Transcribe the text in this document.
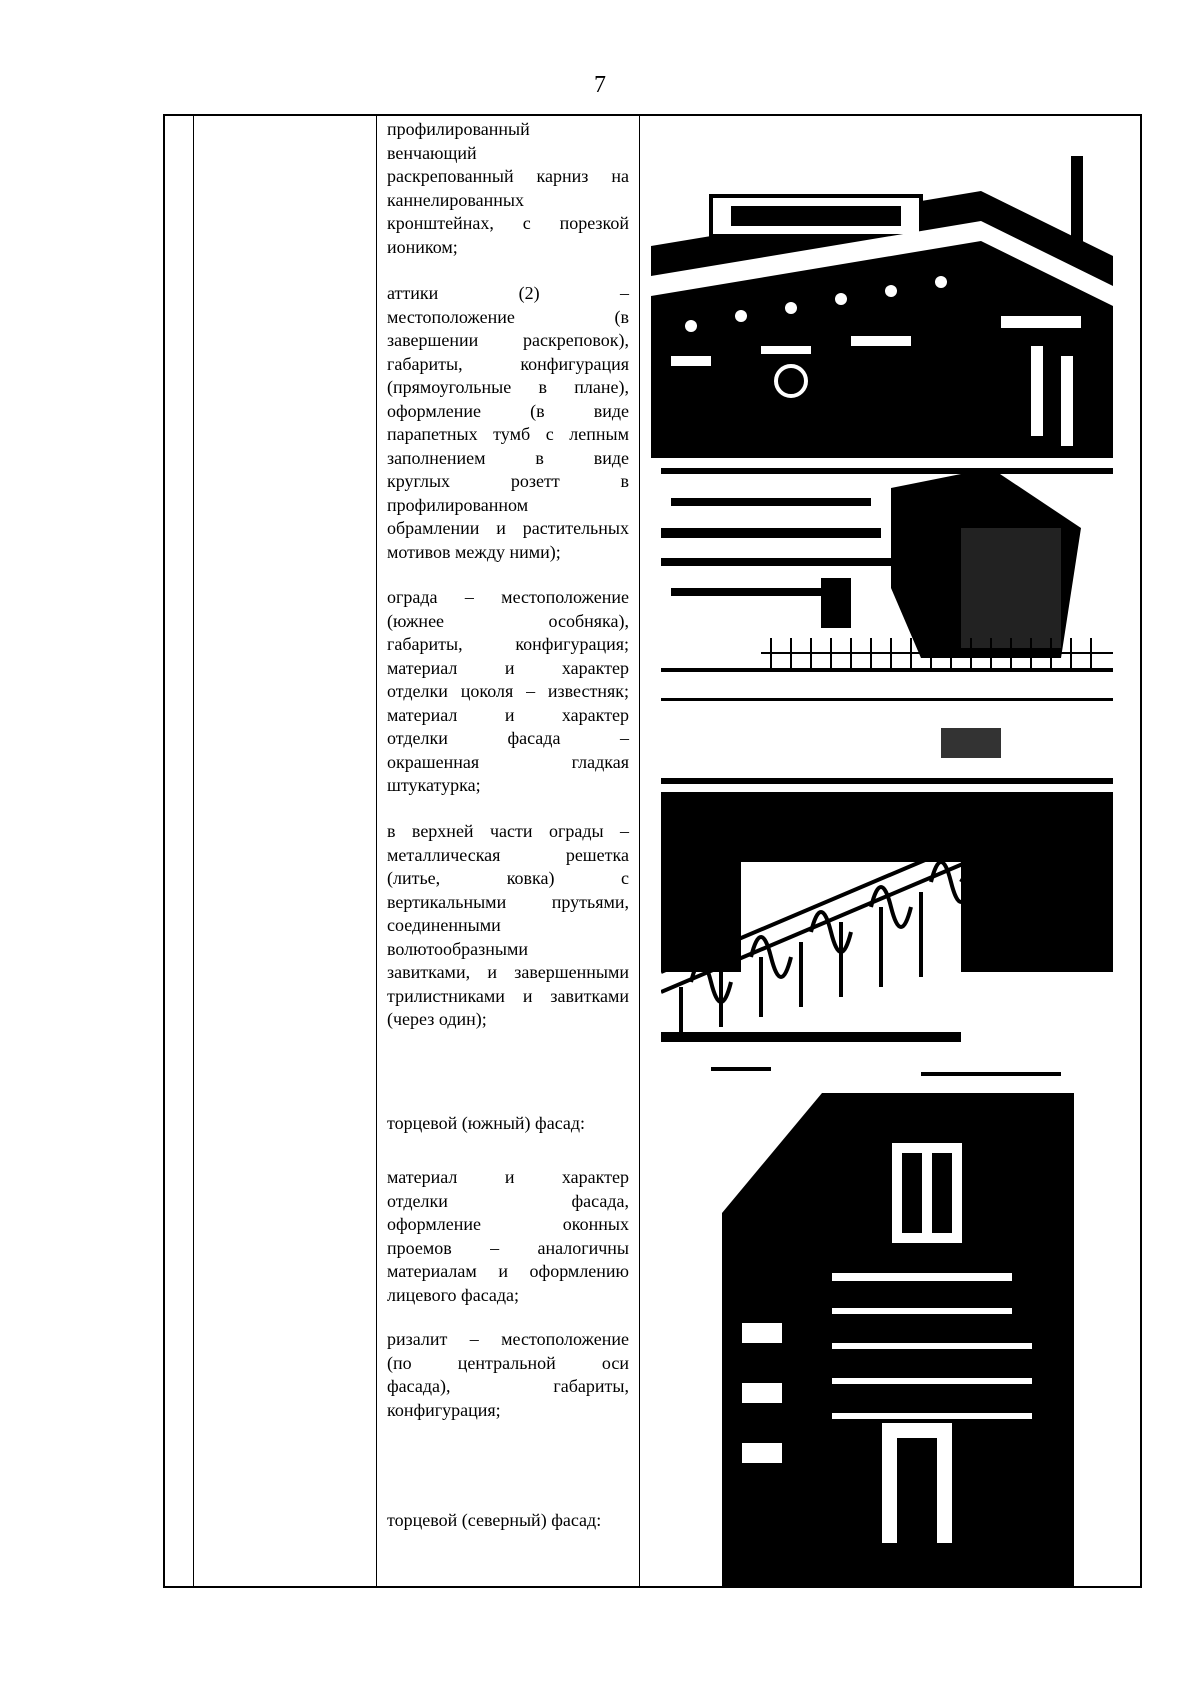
7
профилированный
венчающий
раскрепованный карниз на
каннелированных
кронштейнах, с порезкой
иоником;
аттики (2) –
местоположение (в
завершении раскреповок),
габариты, конфигурация
(прямоугольные в плане),
оформление (в виде
парапетных тумб с лепным
заполнением в виде
круглых розетт в
профилированном
обрамлении и растительных
мотивов между ними);
ограда – местоположение
(южнее особняка),
габариты, конфигурация;
материал и характер
отделки цоколя – известняк;
материал и характер
отделки фасада –
окрашенная гладкая
штукатурка;
в верхней части ограды –
металлическая решетка
(литье, ковка) с
вертикальными прутьями,
соединенными
волютообразными
завитками, и завершенными
трилистниками и завитками
(через один);
торцевой (южный) фасад:
материал и характер
отделки фасада,
оформление оконных
проемов – аналогичны
материалам и оформлению
лицевого фасада;
ризалит – местоположение
(по центральной оси
фасада), габариты,
конфигурация;
торцевой (северный) фасад:
